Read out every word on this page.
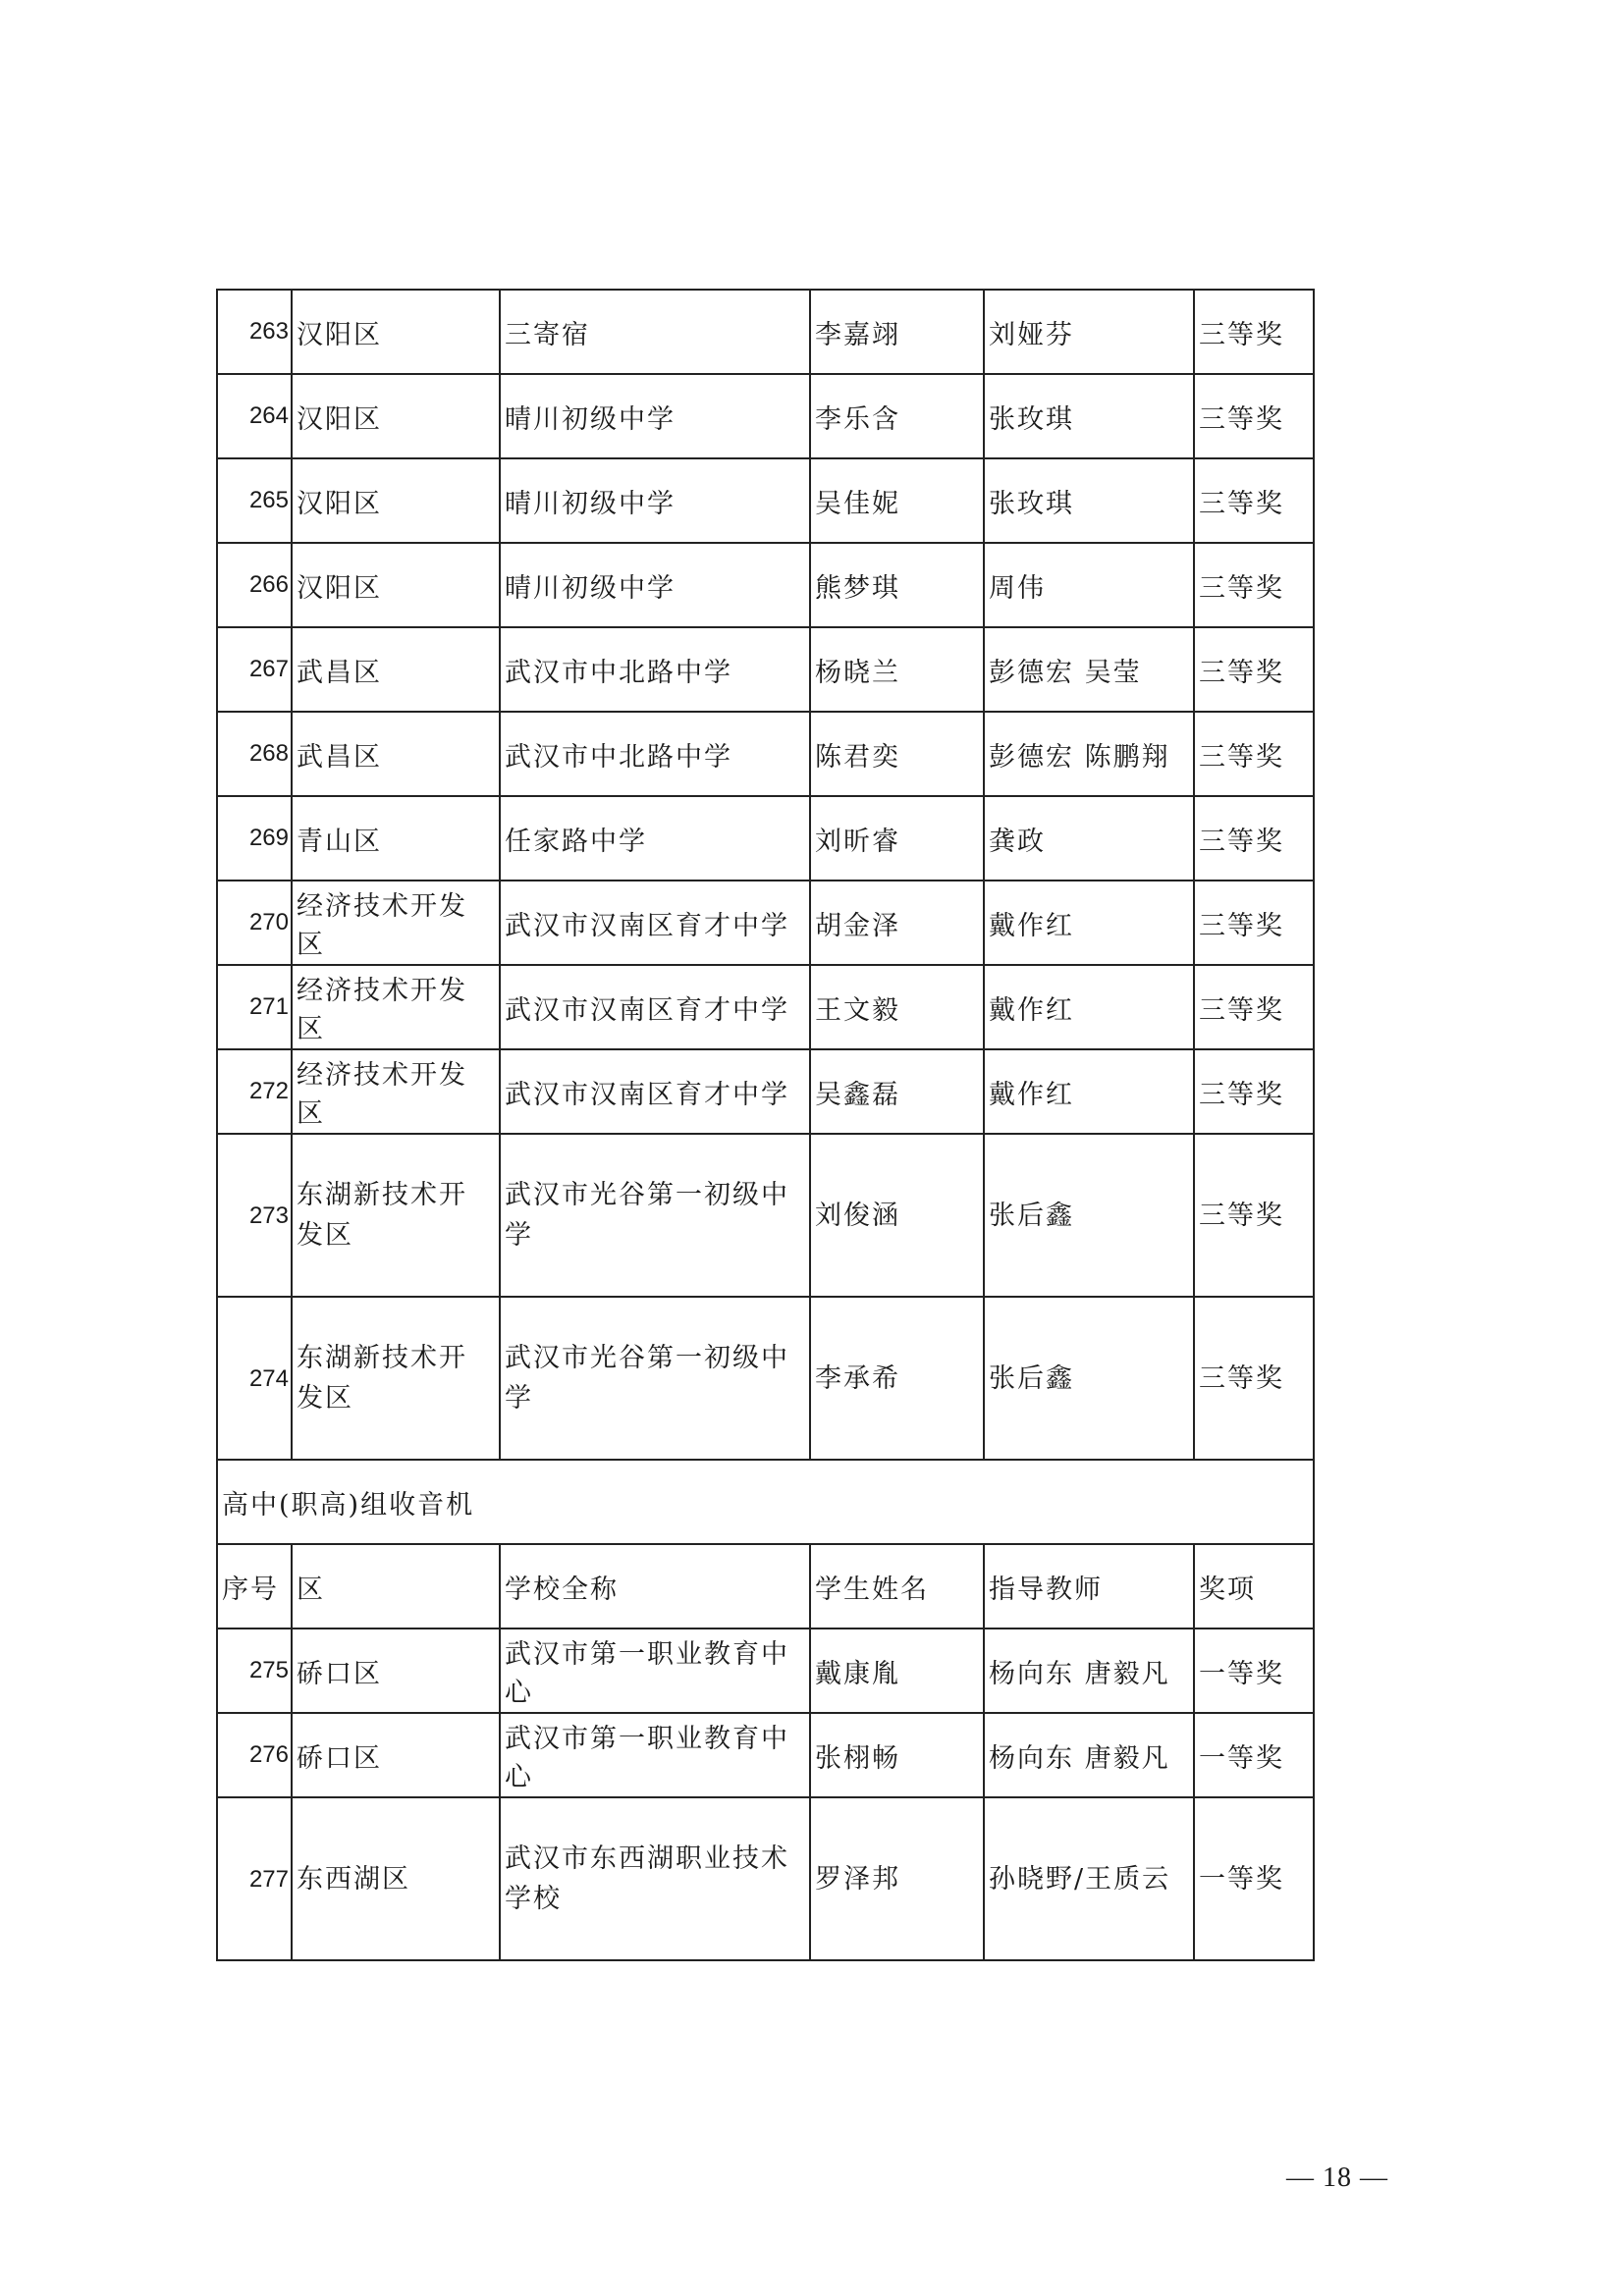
263	汉阳区	三寄宿	李嘉翊	刘娅芬	三等奖
264	汉阳区	晴川初级中学	李乐含	张玫琪	三等奖
265	汉阳区	晴川初级中学	吴佳妮	张玫琪	三等奖
266	汉阳区	晴川初级中学	熊梦琪	周伟	三等奖
267	武昌区	武汉市中北路中学	杨晓兰	彭德宏 吴莹	三等奖
268	武昌区	武汉市中北路中学	陈君奕	彭德宏 陈鹏翔	三等奖
269	青山区	任家路中学	刘昕睿	龚政	三等奖
270	经济技术开发区	武汉市汉南区育才中学	胡金泽	戴作红	三等奖
271	经济技术开发区	武汉市汉南区育才中学	王文毅	戴作红	三等奖
272	经济技术开发区	武汉市汉南区育才中学	吴鑫磊	戴作红	三等奖
273	东湖新技术开发区	武汉市光谷第一初级中学	刘俊涵	张后鑫	三等奖
274	东湖新技术开发区	武汉市光谷第一初级中学	李承希	张后鑫	三等奖
高中(职高)组收音机					
序号	区	学校全称	学生姓名	指导教师	奖项
275	硚口区	武汉市第一职业教育中心	戴康胤	杨向东 唐毅凡	一等奖
276	硚口区	武汉市第一职业教育中心	张栩畅	杨向东 唐毅凡	一等奖
277	东西湖区	武汉市东西湖职业技术学校	罗泽邦	孙晓野/王质云	一等奖
— 18 —
